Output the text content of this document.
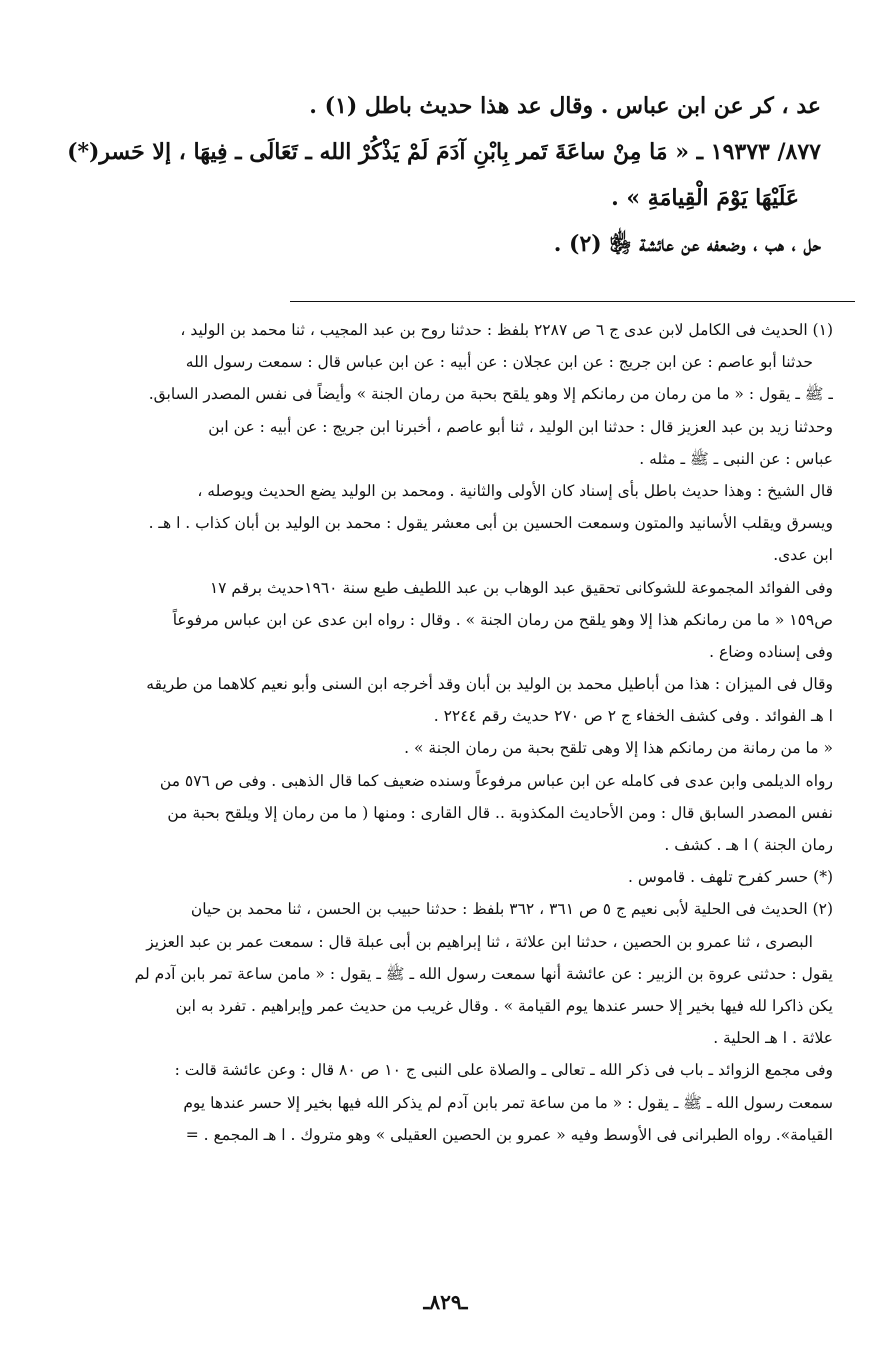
عد ، كر عن ابن عباس . وقال عد هذا حديث باطل (١) .
٨٧٧/ ١٩٣٧٣ ـ « مَا مِنْ ساعَةَ تَمر بِابْنِ آدَمَ لَمْ يَذْكُرْ الله ـ تَعَالَى ـ فِيهَا ، إلا حَسر(*)
عَلَيْهَا يَوْمَ الْقِيامَةِ » .
حل ، هب ، وضعفه عن عائشة ﵂ (٢) .
(١) الحديث فى الكامل لابن عدى ج ٦ ص ٢٢٨٧ بلفظ : حدثنا روح بن عبد المجيب ، ثنا محمد بن الوليد ،
حدثنا أبو عاصم : عن ابن جريج : عن ابن عجلان : عن أبيه : عن ابن عباس قال : سمعت رسول الله
ـ ﷺ ـ يقول : « ما من رمان من رمانكم إلا وهو يلقح بحبة من رمان الجنة » وأيضاً فى نفس المصدر السابق.
وحدثنا زيد بن عبد العزيز قال : حدثنا ابن الوليد ، ثنا أبو عاصم ، أخبرنا ابن جريج : عن أبيه : عن ابن
عباس : عن النبى ـ ﷺ ـ مثله .
قال الشيخ : وهذا حديث باطل بأى إسناد كان الأولى والثانية . ومحمد بن الوليد يضع الحديث ويوصله ،
ويسرق ويقلب الأسانيد والمتون وسمعت الحسين بن أبى معشر يقول : محمد بن الوليد بن أبان كذاب . ا هـ .
ابن عدى.
وفى الفوائد المجموعة للشوكانى تحقيق عبد الوهاب بن عبد اللطيف طبع سنة ١٩٦٠حديث برقم ١٧
ص١٥٩ « ما من رمانكم هذا إلا وهو يلقح من رمان الجنة » . وقال : رواه ابن عدى عن ابن عباس مرفوعاً
وفى إسناده وضاع .
وقال فى الميزان : هذا من أباطيل محمد بن الوليد بن أبان وقد أخرجه ابن السنى وأبو نعيم كلاهما من طريقه
ا هـ الفوائد . وفى كشف الخفاء ج ٢ ص ٢٧٠ حديث رقم ٢٢٤٤ .
« ما من رمانة من رمانكم هذا إلا وهى تلقح بحبة من رمان الجنة » .
رواه الديلمى وابن عدى فى كامله عن ابن عباس مرفوعاً وسنده ضعيف كما قال الذهبى . وفى ص ٥٧٦ من
نفس المصدر السابق قال : ومن الأحاديث المكذوبة .. قال القارى : ومنها ( ما من رمان إلا ويلقح بحبة من
رمان الجنة ) ا هـ . كشف .
(*) حسر كفرح تلهف . قاموس .
(٢) الحديث فى الحلية لأبى نعيم ج ٥ ص ٣٦١ ، ٣٦٢ بلفظ : حدثنا حبيب بن الحسن ، ثنا محمد بن حيان
البصرى ، ثنا عمرو بن الحصين ، حدثنا ابن علاثة ، ثنا إبراهيم بن أبى عبلة قال : سمعت عمر بن عبد العزيز
يقول : حدثنى عروة بن الزبير : عن عائشة أنها سمعت رسول الله ـ ﷺ ـ يقول : « مامن ساعة تمر بابن آدم لم
يكن ذاكرا لله فيها بخير إلا حسر عندها يوم القيامة » . وقال غريب من حديث عمر وإبراهيم . تفرد به ابن
علاثة . ا هـ الحلية .
وفى مجمع الزوائد ـ باب فى ذكر الله ـ تعالى ـ والصلاة على النبى ج ١٠ ص ٨٠ قال : وعن عائشة قالت :
سمعت رسول الله ـ ﷺ ـ يقول : « ما من ساعة تمر بابن آدم لم يذكر الله فيها بخير إلا حسر عندها يوم
القيامة». رواه الطبرانى فى الأوسط وفيه « عمرو بن الحصين العقيلى » وهو متروك . ا هـ المجمع . =
ـ٨٢٩ـ
